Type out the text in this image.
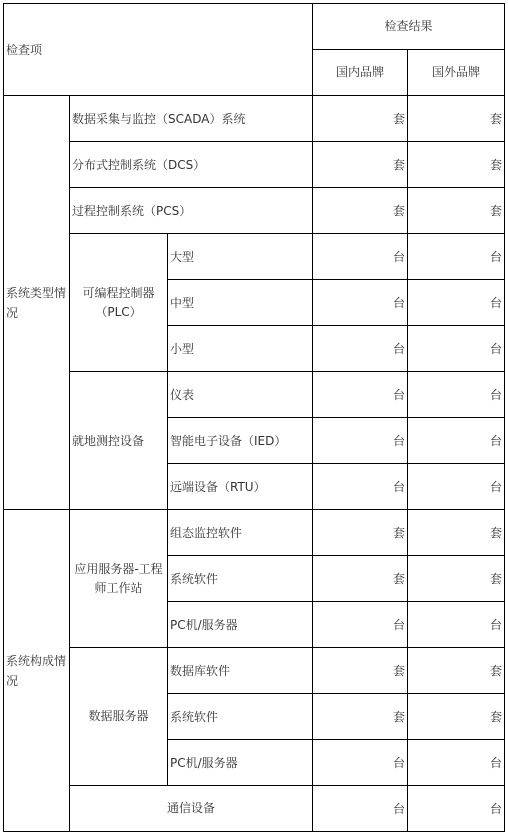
检查项			检查结果	
			国内品牌	国外品牌
系统类型情况	数据采集与监控（SCADA）系统		套	套
	分布式控制系统（DCS）		套	套
	过程控制系统（PCS）		套	套
	可编程控制器（PLC）	大型	台	台
		中型	台	台
		小型	台	台
	就地测控设备	仪表	台	台
		智能电子设备（IED）	台	台
		远端设备（RTU）	台	台
系统构成情况	应用服务器-工程师工作站	组态监控软件	套	套
		系统软件	套	套
		PC机/服务器	台	台
	数据服务器	数据库软件	套	套
		系统软件	套	套
		PC机/服务器	台	台
	通信设备		台	台
